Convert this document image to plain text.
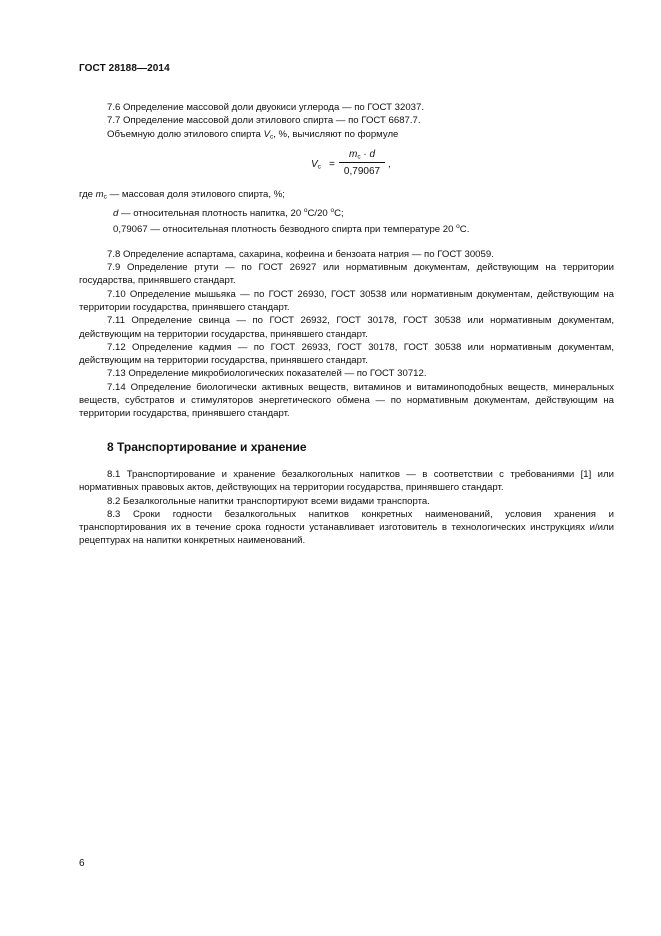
ГОСТ 28188—2014

7.6 Определение массовой доли двуокиси углерода — по ГОСТ 32037.

7.7 Определение массовой доли этилового спирта — по ГОСТ 6687.7.

Объемную долю этилового спирта $V_c$, %, вычисляют по формуле

$V_c$ =
$m_c \cdot d$
0,79067
,

где $m_c$ — массовая доля этилового спирта, %;

d — относительная плотность напитка, 20 $^o$С/20 $^o$С;

0,79067 — относительная плотность безводного спирта при температуре 20 $^o$С.

7.8 Определение аспартама, сахарина, кофеина и бензоата натрия — по ГОСТ 30059.

7.9 Определение ртути — по ГОСТ 26927 или нормативным документам, действующим на территории государства, принявшего стандарт.

7.10 Определение мышьяка — по ГОСТ 26930, ГОСТ 30538 или нормативным документам, действующим на территории государства, принявшего стандарт.

7.11 Определение свинца — по ГОСТ 26932, ГОСТ 30178, ГОСТ 30538 или нормативным документам, действующим на территории государства, принявшего стандарт.

7.12 Определение кадмия — по ГОСТ 26933, ГОСТ 30178, ГОСТ 30538 или нормативным документам, действующим на территории государства, принявшего стандарт.

7.13 Определение микробиологических показателей — по ГОСТ 30712.

7.14 Определение биологически активных веществ, витаминов и витаминоподобных веществ, минеральных веществ, субстратов и стимуляторов энергетического обмена — по нормативным документам, действующим на территории государства, принявшего стандарт.

8 Транспортирование и хранение

8.1 Транспортирование и хранение безалкогольных напитков — в соответствии с требованиями [1] или нормативных правовых актов, действующих на территории государства, принявшего стандарт.

8.2 Безалкогольные напитки транспортируют всеми видами транспорта.

8.3 Сроки годности безалкогольных напитков конкретных наименований, условия хранения и транспортирования их в течение срока годности устанавливает изготовитель в технологических инструкциях и/или рецептурах на напитки конкретных наименований.

6
